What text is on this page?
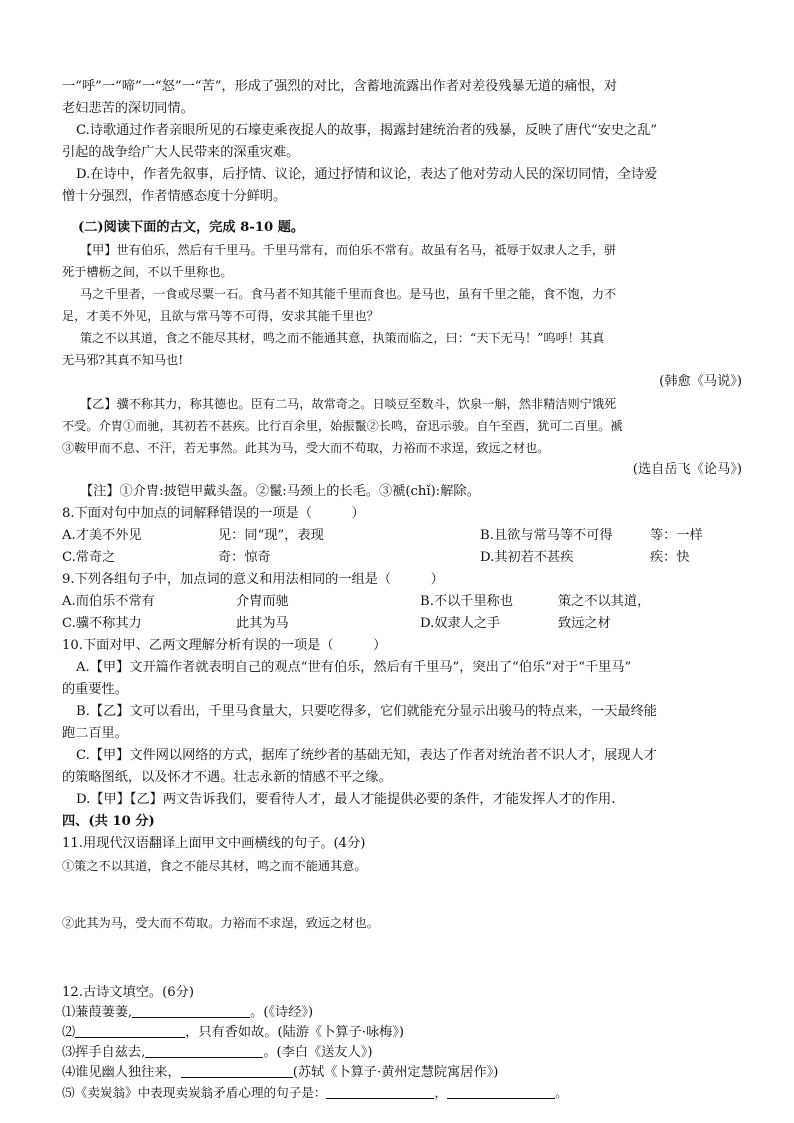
一“呼”一“啼”一“怒”一“苦”，形成了强烈的对比，含蓄地流露出作者对差役残暴无道的痛恨，对
老妇悲苦的深切同情。
C.诗歌通过作者亲眼所见的石壕吏乘夜捉人的故事，揭露封建统治者的残暴，反映了唐代“安史之乱”
引起的战争给广大人民带来的深重灾难。
D.在诗中，作者先叙事，后抒情、议论，通过抒情和议论，表达了他对劳动人民的深切同情，全诗爱
憎十分强烈，作者情感态度十分鲜明。
(二)阅读下面的古文，完成 8-10 题。
【甲】世有伯乐，然后有千里马。千里马常有，而伯乐不常有。故虽有名马，祗辱于奴隶人之手，骈
死于槽枥之间，不以千里称也。
马之千里者，一食或尽粟一石。食马者不知其能千里而食也。是马也，虽有千里之能，食不饱，力不
足，才美不外见，且欲与常马等不可得，安求其能千里也？
策之不以其道，食之不能尽其材，鸣之而不能通其意，执策而临之，曰：“天下无马！”呜呼！其真
无马邪?其真不知马也!
(韩愈《马说》)
【乙】骥不称其力，称其德也。臣有二马，故常奇之。日啖豆至数斗，饮泉一斛，然非精洁则宁饿死
不受。介胄①而驰，其初若不甚疾。比行百余里，始振鬣②长鸣，奋迅示骏。自午至酉，犹可二百里。褫
③鞍甲而不息、不汗，若无事然。此其为马，受大而不苟取，力裕而不求逞，致远之材也。
(选自岳飞《论马》)
【注】①介胄:披铠甲戴头盔。②鬣:马颈上的长毛。③褫(chǐ):解除。
8.下面对句中加点的词解释错误的一项是（　　　）
A.才美不外见	见：同“现”，表现	B.且欲与常马等不可得	等：一样
C.常奇之	奇：惊奇	D.其初若不甚疾	疾：快
9.下列各组句子中，加点词的意义和用法相同的一组是（　　　）
A.而伯乐不常有	介胄而驰	B.不以千里称也	策之不以其道，
C.骥不称其力	此其为马	D.奴隶人之手	致远之材
10.下面对甲、乙两文理解分析有误的一项是（　　　）
A.【甲】文开篇作者就表明自己的观点“世有伯乐，然后有千里马”，突出了“伯乐”对于“千里马”
的重要性。
B.【乙】文可以看出，千里马食量大，只要吃得多，它们就能充分显示出骏马的特点来，一天最终能
跑二百里。
C.【甲】文件网以网络的方式，据库了统纱者的基础无知，表达了作者对统治者不识人才，展现人才
的策略图纸，以及怀才不遇。壮志永新的情感不平之缘。
D.【甲】【乙】两文告诉我们，要看待人才，最人才能提供必要的条件，才能发挥人才的作用.
四、(共 10 分)
11.用现代汉语翻译上面甲文中画横线的句子。(4分)
①策之不以其道，食之不能尽其材，鸣之而不能通其意。
②此其为马，受大而不苟取。力裕而不求逞，致远之材也。
12.古诗文填空。(6分)
⑴蒹葭萋萋,	。(《诗经》)
⑵	，只有香如故。(陆游《卜算子·咏梅》)
⑶挥手自兹去,	。(李白《送友人》)
⑷谁见幽人独往来，	(苏轼《卜算子·黄州定慧院寓居作》)
⑸《卖炭翁》中表现卖炭翁矛盾心理的句子是：	，	。
